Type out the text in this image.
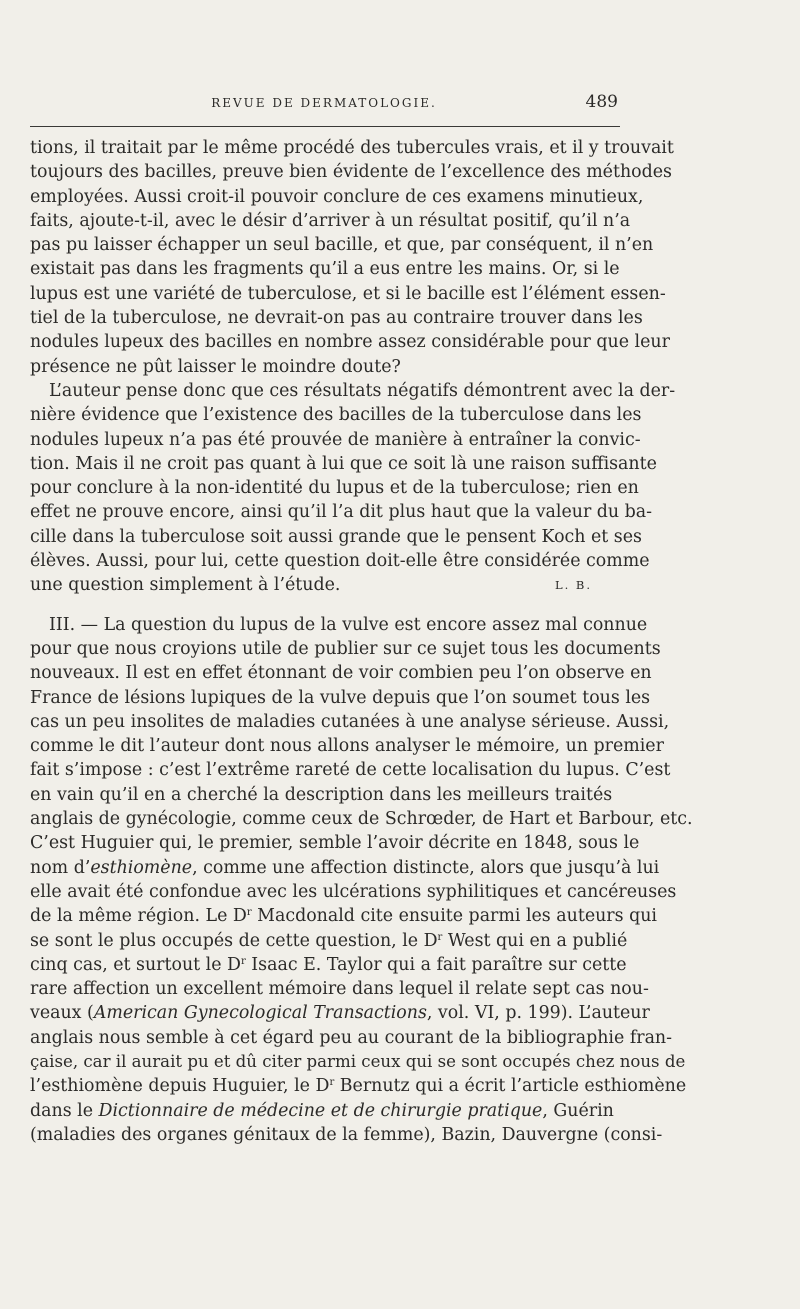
REVUE DE DERMATOLOGIE.	489
tions, il traitait par le même procédé des tubercules vrais, et il y trouvait
toujours des bacilles, preuve bien évidente de l’excellence des méthodes
employées. Aussi croit-il pouvoir conclure de ces examens minutieux,
faits, ajoute-t-il, avec le désir d’arriver à un résultat positif, qu’il n’a
pas pu laisser échapper un seul bacille, et que, par conséquent, il n’en
existait pas dans les fragments qu’il a eus entre les mains. Or, si le
lupus est une variété de tuberculose, et si le bacille est l’élément essen-
tiel de la tuberculose, ne devrait-on pas au contraire trouver dans les
nodules lupeux des bacilles en nombre assez considérable pour que leur
présence ne pût laisser le moindre doute?
L’auteur pense donc que ces résultats négatifs démontrent avec la der-
nière évidence que l’existence des bacilles de la tuberculose dans les
nodules lupeux n’a pas été prouvée de manière à entraîner la convic-
tion. Mais il ne croit pas quant à lui que ce soit là une raison suffisante
pour conclure à la non-identité du lupus et de la tuberculose; rien en
effet ne prouve encore, ainsi qu’il l’a dit plus haut que la valeur du ba-
cille dans la tuberculose soit aussi grande que le pensent Koch et ses
élèves. Aussi, pour lui, cette question doit-elle être considérée comme
une question simplement à l’étude.	L. B.
III. — La question du lupus de la vulve est encore assez mal connue
pour que nous croyions utile de publier sur ce sujet tous les documents
nouveaux. Il est en effet étonnant de voir combien peu l’on observe en
France de lésions lupiques de la vulve depuis que l’on soumet tous les
cas un peu insolites de maladies cutanées à une analyse sérieuse. Aussi,
comme le dit l’auteur dont nous allons analyser le mémoire, un premier
fait s’impose : c’est l’extrême rareté de cette localisation du lupus. C’est
en vain qu’il en a cherché la description dans les meilleurs traités
anglais de gynécologie, comme ceux de Schrœder, de Hart et Barbour, etc.
C’est Huguier qui, le premier, semble l’avoir décrite en 1848, sous le
nom d’esthiomène, comme une affection distincte, alors que jusqu’à lui
elle avait été confondue avec les ulcérations syphilitiques et cancéreuses
de la même région. Le $D^r$ Macdonald cite ensuite parmi les auteurs qui
se sont le plus occupés de cette question, le $D^r$ West qui en a publié
cinq cas, et surtout le $D^r$ Isaac E. Taylor qui a fait paraître sur cette
rare affection un excellent mémoire dans lequel il relate sept cas nou-
veaux (American Gynecological Transactions, vol. VI, p. 199). L’auteur
anglais nous semble à cet égard peu au courant de la bibliographie fran-
çaise, car il aurait pu et dû citer parmi ceux qui se sont occupés chez nous de
l’esthiomène depuis Huguier, le $D^r$ Bernutz qui a écrit l’article esthiomène
dans le Dictionnaire de médecine et de chirurgie pratique, Guérin
(maladies des organes génitaux de la femme), Bazin, Dauvergne (consi-
